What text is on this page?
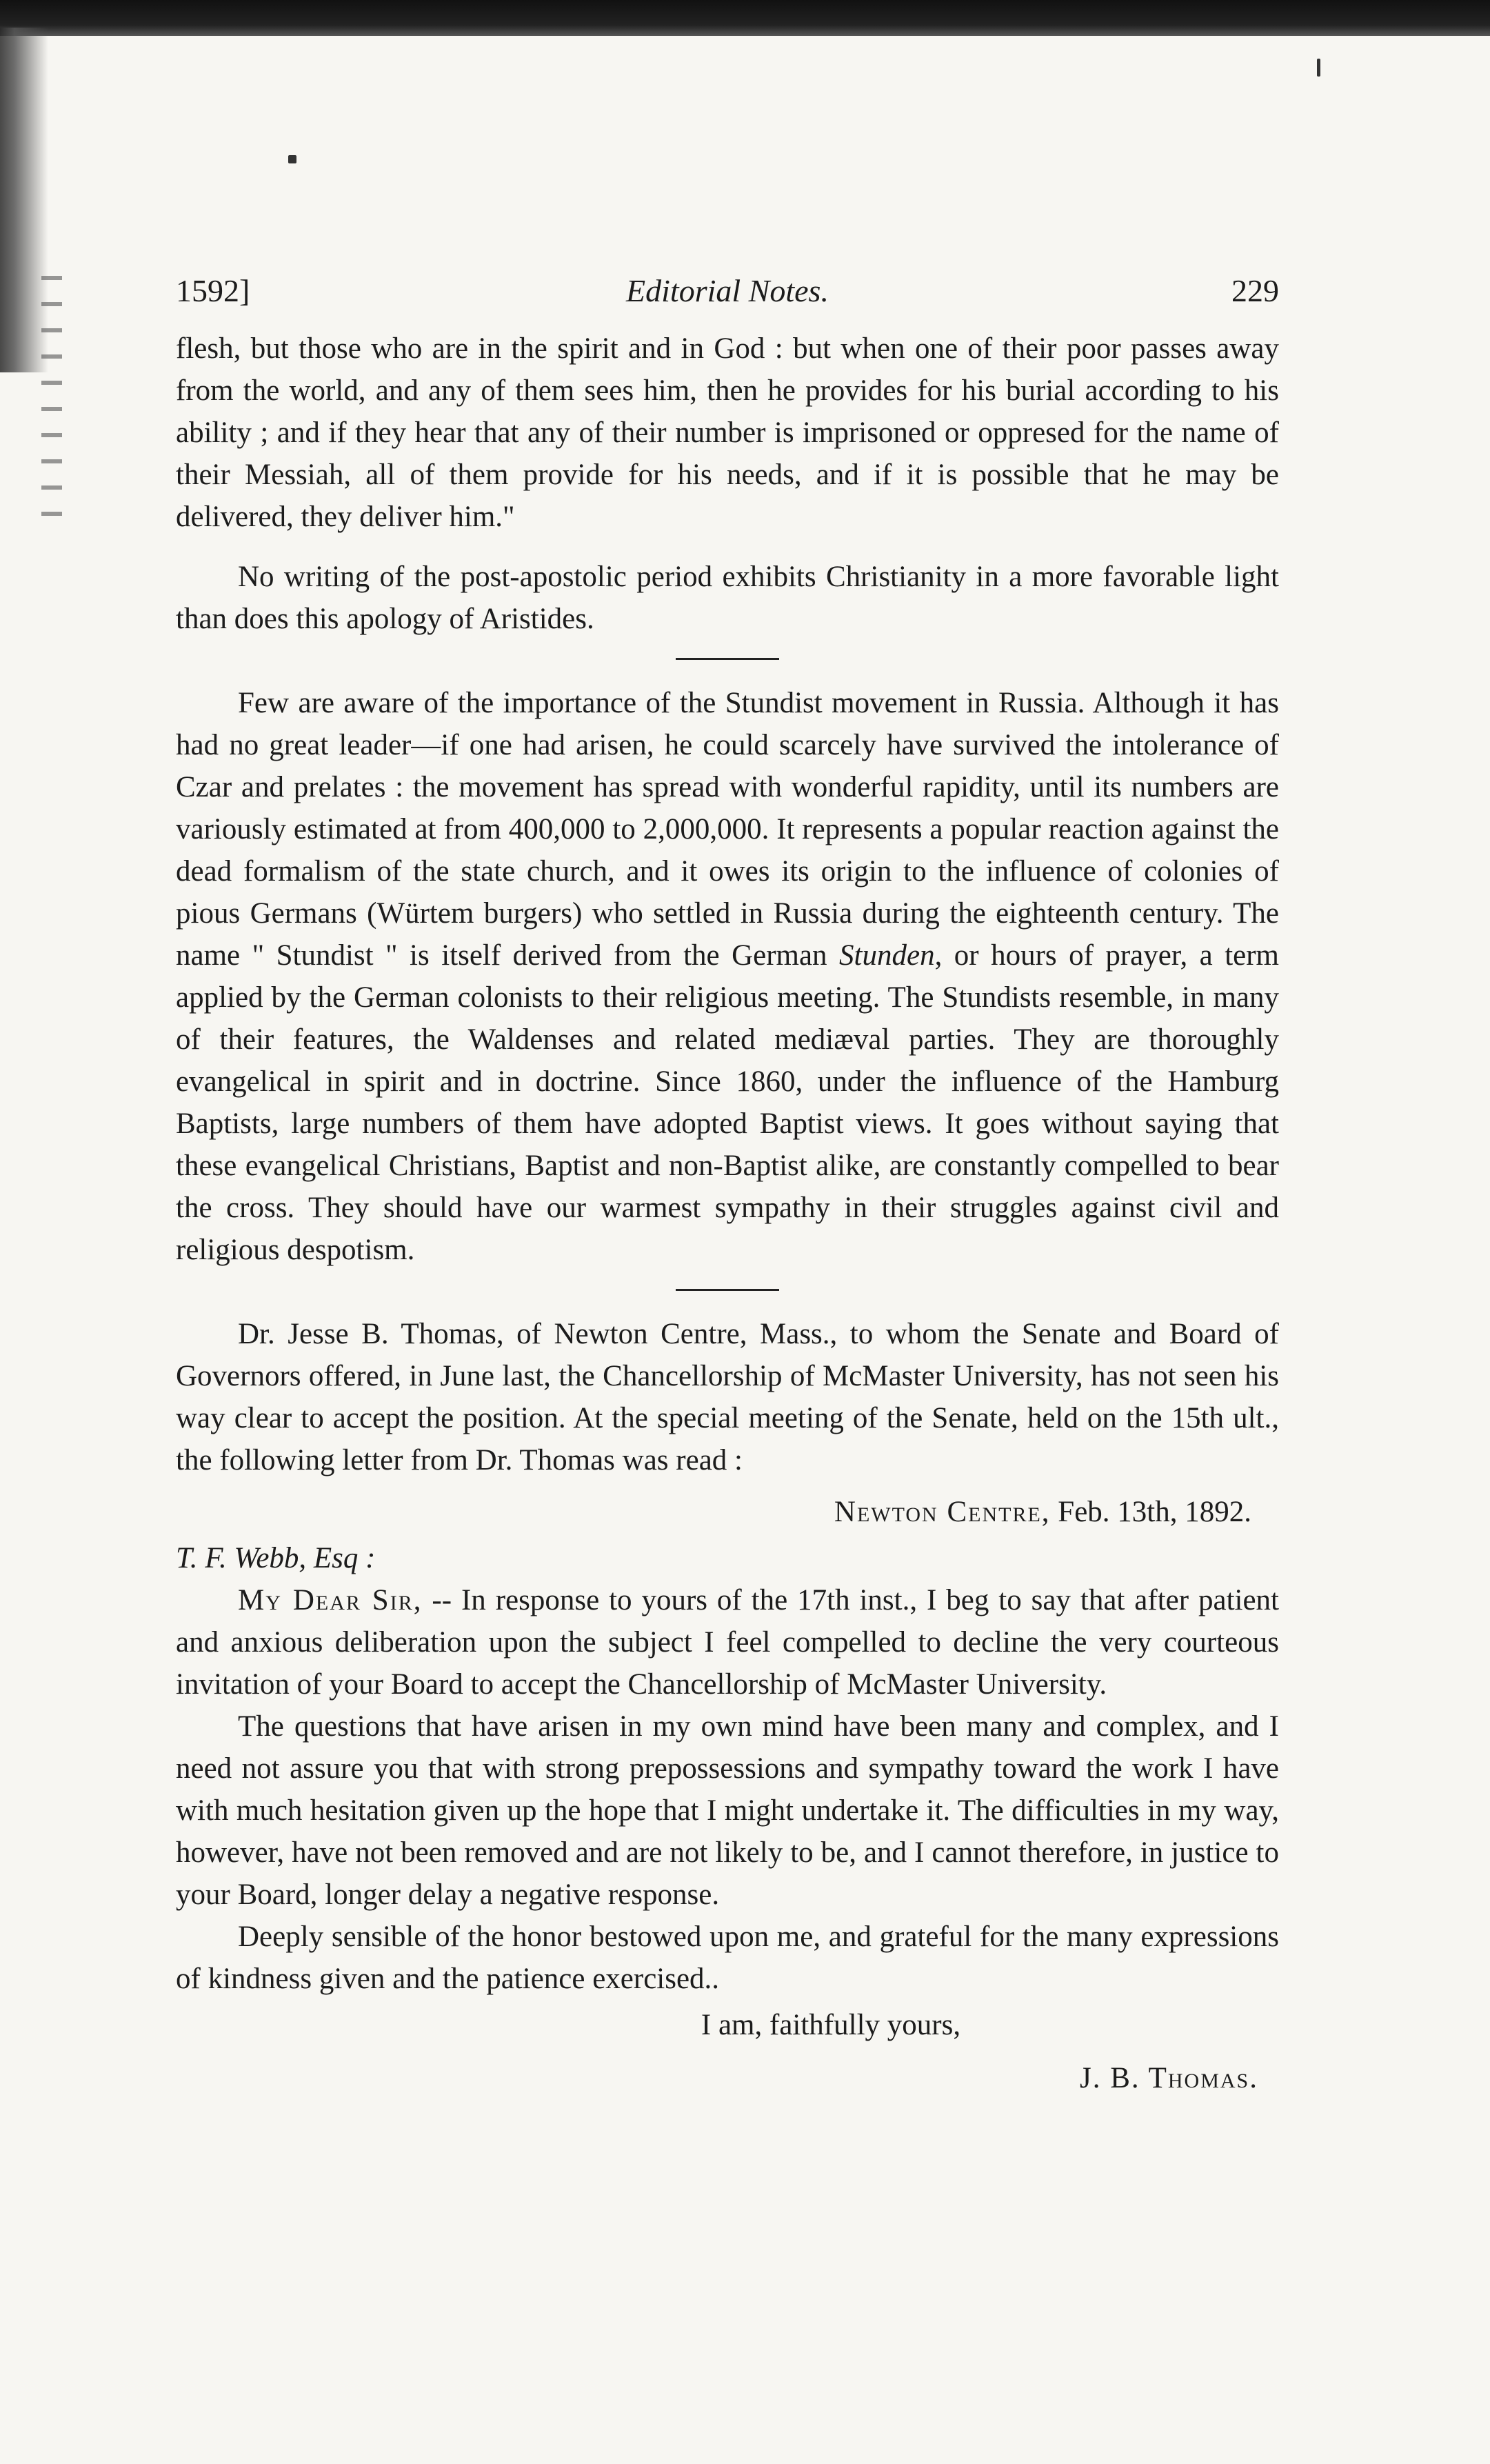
1592]	Editorial Notes.	229

flesh, but those who are in the spirit and in God : but when one of their poor passes away from the world, and any of them sees him, then he provides for his burial according to his ability ; and if they hear that any of their number is imprisoned or oppresed for the name of their Messiah, all of them provide for his needs, and if it is possible that he may be delivered, they deliver him."

No writing of the post-apostolic period exhibits Christianity in a more favorable light than does this apology of Aristides.

Few are aware of the importance of the Stundist movement in Russia. Although it has had no great leader—if one had arisen, he could scarcely have survived the intolerance of Czar and prelates : the movement has spread with wonderful rapidity, until its numbers are variously estimated at from 400,000 to 2,000,000. It represents a popular reaction against the dead formalism of the state church, and it owes its origin to the influence of colonies of pious Germans (Würtem burgers) who settled in Russia during the eighteenth century. The name " Stundist " is itself derived from the German Stunden, or hours of prayer, a term applied by the German colonists to their religious meeting. The Stundists resemble, in many of their features, the Waldenses and related mediæval parties. They are thoroughly evangelical in spirit and in doctrine. Since 1860, under the influence of the Hamburg Baptists, large numbers of them have adopted Baptist views. It goes without saying that these evangelical Christians, Baptist and non-Baptist alike, are constantly compelled to bear the cross. They should have our warmest sympathy in their struggles against civil and religious despotism.

Dr. Jesse B. Thomas, of Newton Centre, Mass., to whom the Senate and Board of Governors offered, in June last, the Chancellorship of McMaster University, has not seen his way clear to accept the position. At the special meeting of the Senate, held on the 15th ult., the following letter from Dr. Thomas was read :

Newton Centre, Feb. 13th, 1892.
T. F. Webb, Esq :

My Dear Sir, -- In response to yours of the 17th inst., I beg to say that after patient and anxious deliberation upon the subject I feel compelled to decline the very courteous invitation of your Board to accept the Chancellorship of McMaster University.

The questions that have arisen in my own mind have been many and complex, and I need not assure you that with strong prepossessions and sympathy toward the work I have with much hesitation given up the hope that I might undertake it. The difficulties in my way, however, have not been removed and are not likely to be, and I cannot therefore, in justice to your Board, longer delay a negative response.

Deeply sensible of the honor bestowed upon me, and grateful for the many expressions of kindness given and the patience exercised..

I am, faithfully yours,
J. B. Thomas.
